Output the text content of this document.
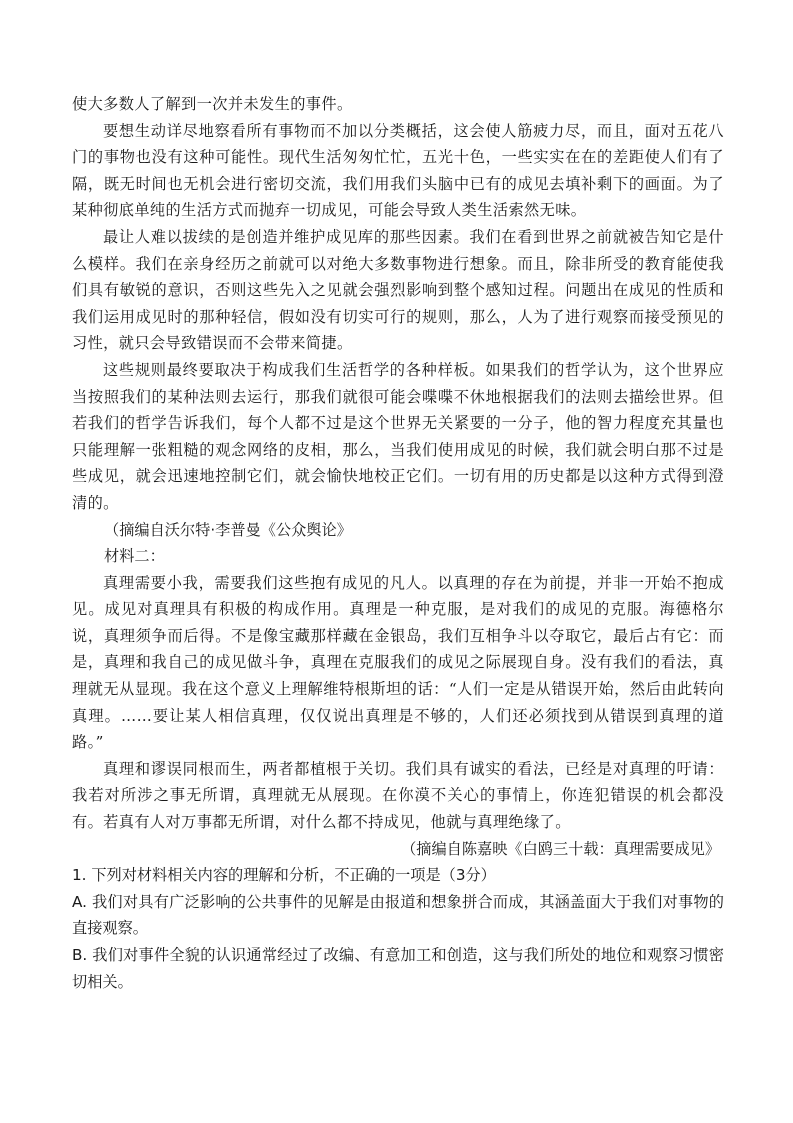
使大多数人了解到一次并未发生的事件。

要想生动详尽地察看所有事物而不加以分类概括，这会使人筋疲力尽，而且，面对五花八门的事物也没有这种可能性。现代生活匆匆忙忙，五光十色，一些实实在在的差距使人们有了隔，既无时间也无机会进行密切交流，我们用我们头脑中已有的成见去填补剩下的画面。为了某种彻底单纯的生活方式而抛弃一切成见，可能会导致人类生活索然无味。

最让人难以拔续的是创造并维护成见库的那些因素。我们在看到世界之前就被告知它是什么模样。我们在亲身经历之前就可以对绝大多数事物进行想象。而且，除非所受的教育能使我们具有敏锐的意识，否则这些先入之见就会强烈影响到整个感知过程。问题出在成见的性质和我们运用成见时的那种轻信，假如没有切实可行的规则，那么，人为了进行观察而接受预见的习性，就只会导致错误而不会带来简捷。

这些规则最终要取决于构成我们生活哲学的各种样板。如果我们的哲学认为，这个世界应当按照我们的某种法则去运行，那我们就很可能会喋喋不休地根据我们的法则去描绘世界。但若我们的哲学告诉我们，每个人都不过是这个世界无关紧要的一分子，他的智力程度充其量也只能理解一张粗糙的观念网络的皮相，那么，当我们使用成见的时候，我们就会明白那不过是些成见，就会迅速地控制它们，就会愉快地校正它们。一切有用的历史都是以这种方式得到澄清的。

（摘编自沃尔特·李普曼《公众舆论》

材料二：

真理需要小我，需要我们这些抱有成见的凡人。以真理的存在为前提，并非一开始不抱成见。成见对真理具有积极的构成作用。真理是一种克服，是对我们的成见的克服。海德格尔说，真理须争而后得。不是像宝藏那样藏在金银岛，我们互相争斗以夺取它，最后占有它：而是，真理和我自己的成见做斗争，真理在克服我们的成见之际展现自身。没有我们的看法，真理就无从显现。我在这个意义上理解维特根斯坦的话：“人们一定是从错误开始，然后由此转向真理。……要让某人相信真理，仅仅说出真理是不够的，人们还必须找到从错误到真理的道路。”

真理和谬误同根而生，两者都植根于关切。我们具有诚实的看法，已经是对真理的吁请：我若对所涉之事无所谓，真理就无从展现。在你漠不关心的事情上，你连犯错误的机会都没有。若真有人对万事都无所谓，对什么都不持成见，他就与真理绝缘了。

（摘编自陈嘉映《白鸥三十载：真理需要成见》

1. 下列对材料相关内容的理解和分析，不正确的一项是（3分）

A. 我们对具有广泛影响的公共事件的见解是由报道和想象拼合而成，其涵盖面大于我们对事物的直接观察。

B. 我们对事件全貌的认识通常经过了改编、有意加工和创造，这与我们所处的地位和观察习惯密切相关。
